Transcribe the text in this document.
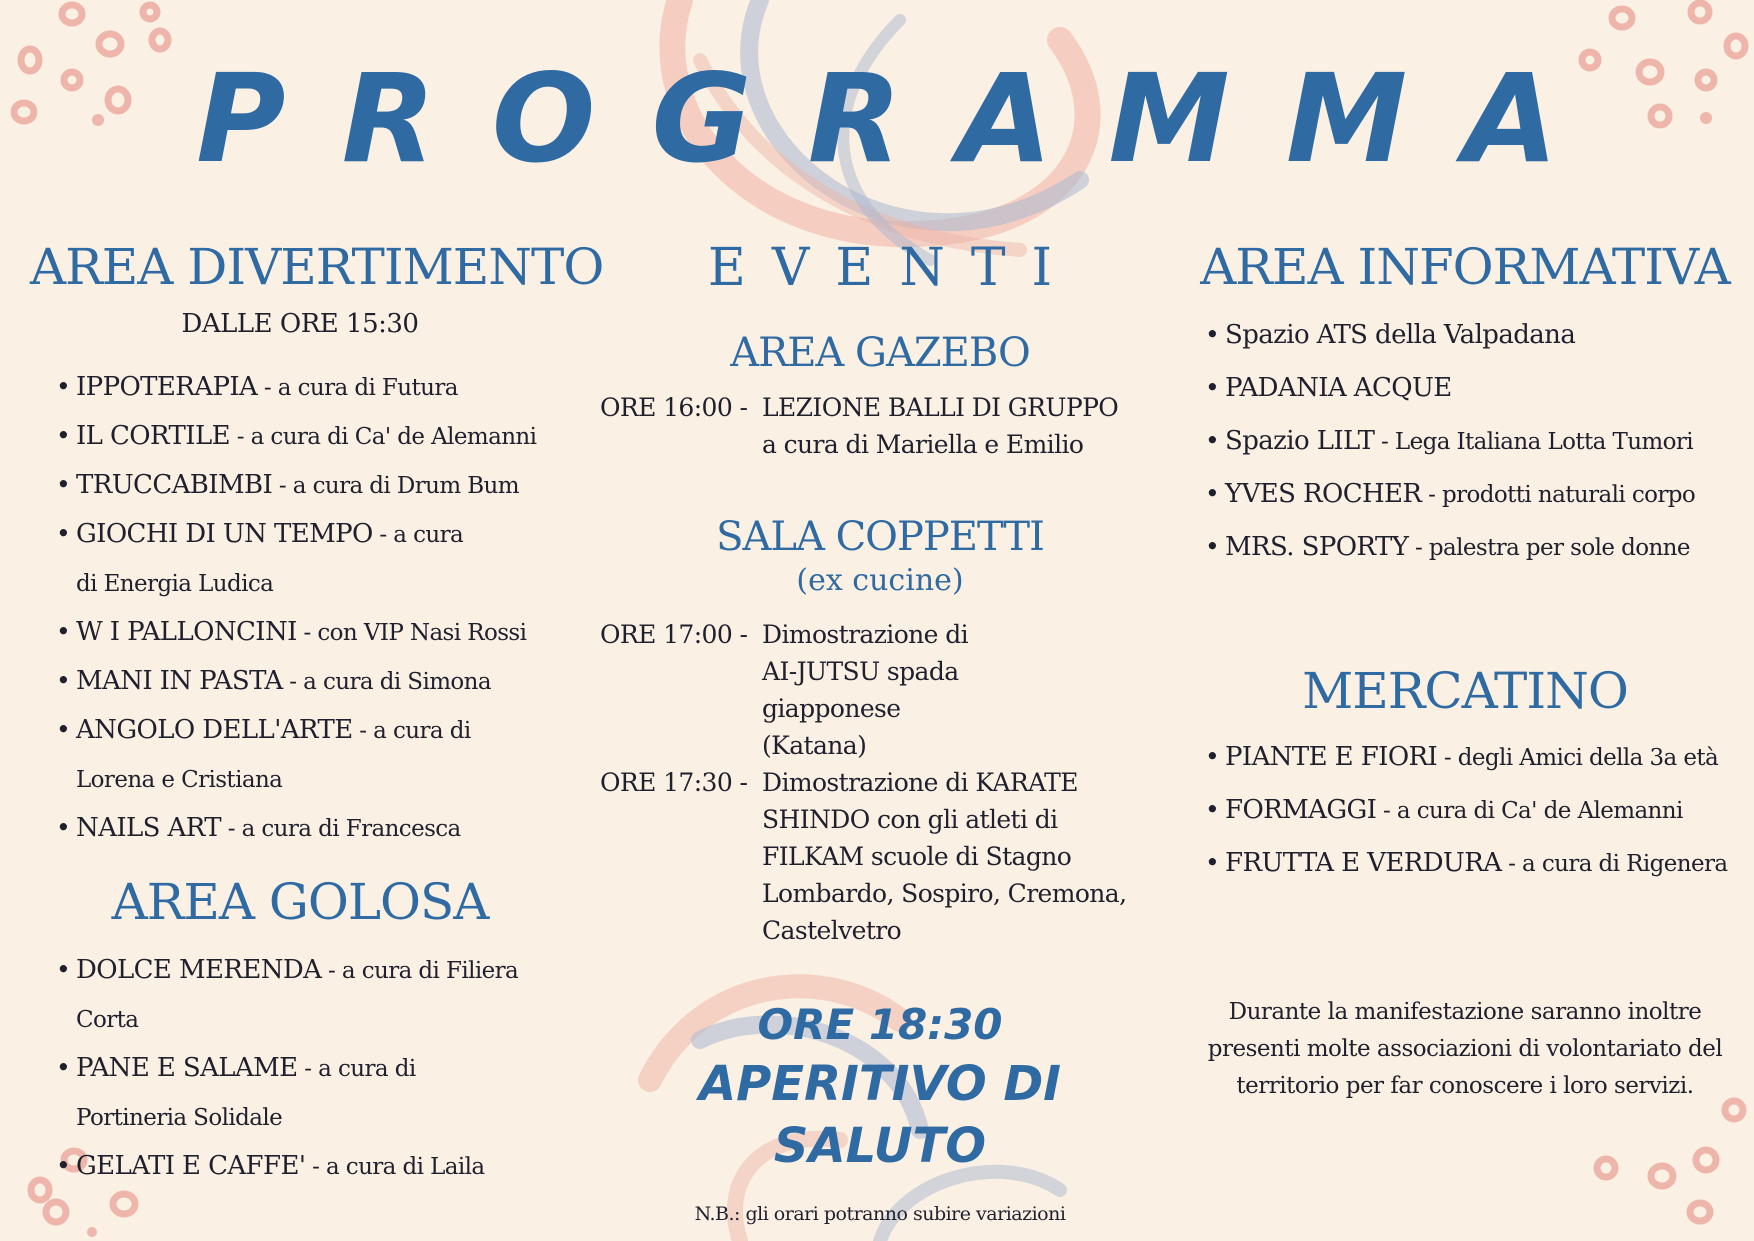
PROGRAMMA
AREA DIVERTIMENTO
DALLE ORE 15:30
• IPPOTERAPIA - a cura di Futura
• IL CORTILE - a cura di Ca' de Alemanni
• TRUCCABIMBI - a cura di Drum Bum
• GIOCHI DI UN TEMPO - a cura di Energia Ludica
• W I PALLONCINI - con VIP Nasi Rossi
• MANI IN PASTA - a cura di Simona
• ANGOLO DELL'ARTE - a cura di Lorena e Cristiana
• NAILS ART - a cura di Francesca
AREA GOLOSA
• DOLCE MERENDA - a cura di Filiera Corta
• PANE E SALAME - a cura di Portineria Solidale
• GELATI E CAFFE' - a cura di Laila
EVENTI
AREA GAZEBO
ORE 16:00 - LEZIONE BALLI DI GRUPPO
a cura di Mariella e Emilio
SALA COPPETTI
(ex cucine)
ORE 17:00 - Dimostrazione di AI-JUTSU spada giapponese (Katana)
ORE 17:30 - Dimostrazione di KARATE SHINDO con gli atleti di FILKAM scuole di Stagno Lombardo, Sospiro, Cremona, Castelvetro
ORE 18:30
APERITIVO DI SALUTO
N.B.: gli orari potranno subire variazioni
AREA INFORMATIVA
• Spazio ATS della Valpadana
• PADANIA ACQUE
• Spazio LILT - Lega Italiana Lotta Tumori
• YVES ROCHER - prodotti naturali corpo
• MRS. SPORTY - palestra per sole donne
MERCATINO
• PIANTE E FIORI - degli Amici della 3a età
• FORMAGGI - a cura di Ca' de Alemanni
• FRUTTA E VERDURA - a cura di Rigenera
Durante la manifestazione saranno inoltre presenti molte associazioni di volontariato del territorio per far conoscere i loro servizi.
